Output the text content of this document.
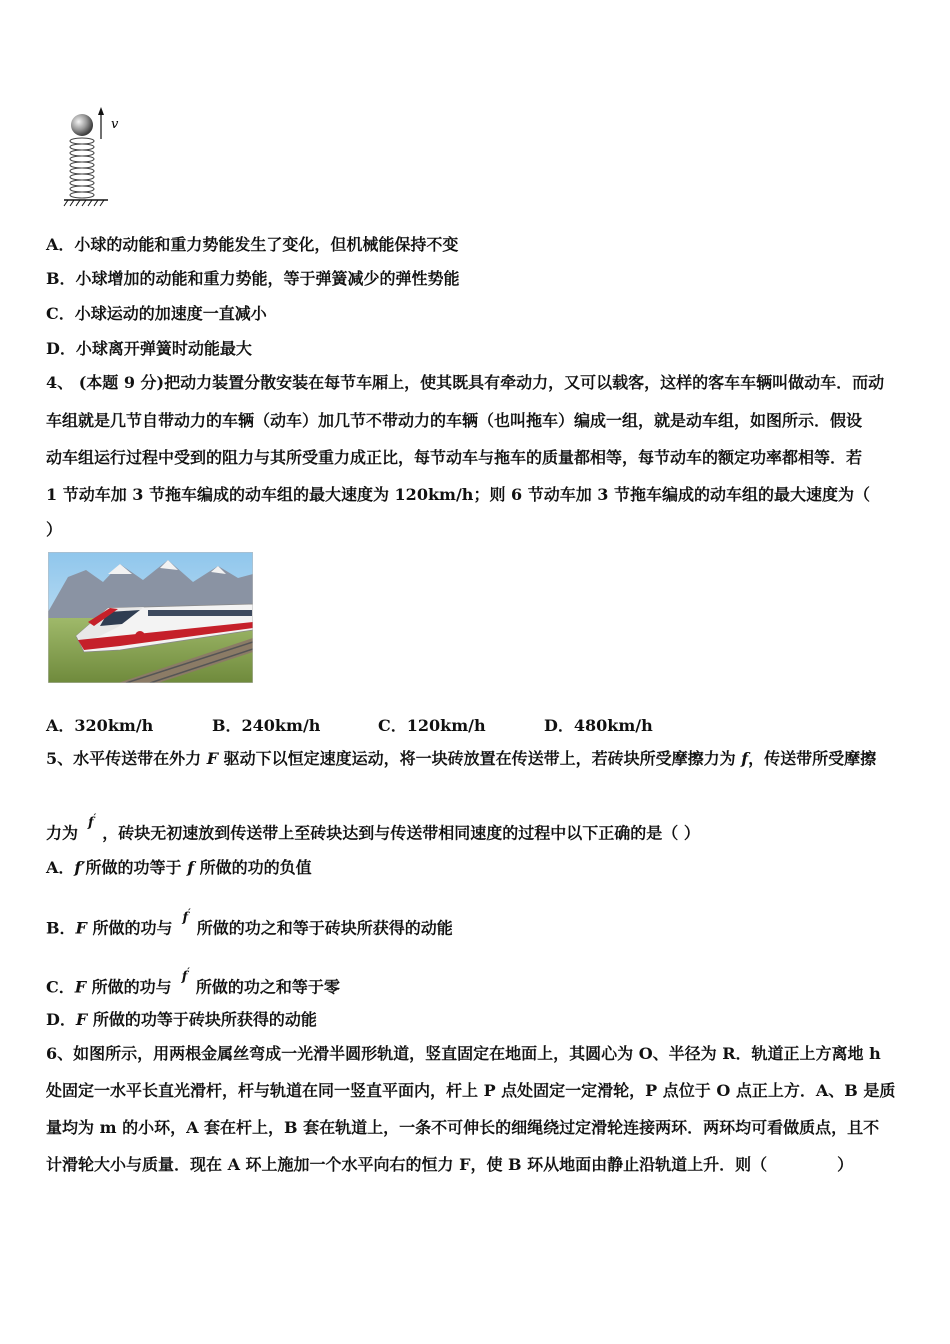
v
A．小球的动能和重力势能发生了变化，但机械能保持不变
B．小球增加的动能和重力势能，等于弹簧减少的弹性势能
C．小球运动的加速度一直减小
D．小球离开弹簧时动能最大
4、 (本题 9 分)把动力装置分散安装在每节车厢上，使其既具有牵动力，又可以载客，这样的客车车辆叫做动车．而动
车组就是几节自带动力的车辆（动车）加几节不带动力的车辆（也叫拖车）编成一组，就是动车组，如图所示．假设
动车组运行过程中受到的阻力与其所受重力成正比，每节动车与拖车的质量都相等，每节动车的额定功率都相等．若
1 节动车加 3 节拖车编成的动车组的最大速度为 120km/h；则 6 节动车加 3 节拖车编成的动车组的最大速度为（
）
A．320km/h	B．240km/h	C．120km/h	D．480km/h
5、水平传送带在外力 F 驱动下以恒定速度运动，将一块砖放置在传送带上，若砖块所受摩擦力为 f，传送带所受摩擦
力为f′，砖块无初速放到传送带上至砖块达到与传送带相同速度的过程中以下正确的是（ ）
A．f′所做的功等于 f 所做的功的负值
B．F 所做的功与f′所做的功之和等于砖块所获得的动能
C．F 所做的功与f′所做的功之和等于零
D．F 所做的功等于砖块所获得的动能
6、如图所示，用两根金属丝弯成一光滑半圆形轨道，竖直固定在地面上，其圆心为 O、半径为 R．轨道正上方离地 h
处固定一水平长直光滑杆，杆与轨道在同一竖直平面内，杆上 P 点处固定一定滑轮，P 点位于 O 点正上方．A、B 是质
量均为 m 的小环，A 套在杆上，B 套在轨道上，一条不可伸长的细绳绕过定滑轮连接两环．两环均可看做质点，且不
计滑轮大小与质量．现在 A 环上施加一个水平向右的恒力 F，使 B 环从地面由静止沿轨道上升．则（	）
